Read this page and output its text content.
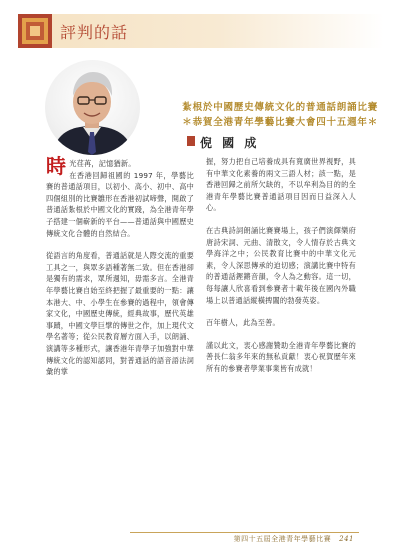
評判的話
紮根於中國歷史傳統文化的普通話朗誦比賽
＊恭賀全港青年學藝比賽大會四十五週年＊
倪 國 成

時 光荏苒，記憶猶新。
在香港回歸祖國的 1997 年，學藝比賽的普通話項目，以初小、高小、初中、高中四個組別的比賽雛形在香港初試啼聲，開啟了普通話紮根於中國文化的實踐，為全港青年學子搭建一個嶄新的平台——普通話與中國歷史傳統文化合體的自然結合。

從語言的角度看，普通話就是人際交流的重要工具之一，與眾多語種著無二致。但在香港卻是獨有的需求，眾所週知，毋需多言。全港青年學藝比賽自始至終把握了最重要的一點：讓本港大、中、小學生在參賽的過程中，領會傳家文化，中國歷史傳統，經典故事，歷代英雄事蹟，中國文學巨擘的傳世之作，加上現代文學名著等；從公民教育層方面入手，以朗誦、演講等多種形式，讓香港年青學子加強對中華傳統文化的認知認同，對普通話的語音語法詞彙的掌

握，努力把自己培養成具有寬廣世界視野，具有中華文化素養的兩文三語人材；該一點，是香港回歸之前所欠缺的，不以牟利為目的的全港青年學藝比賽普通話項目因而日益深入人心。

在古典詩詞朗誦比賽賽場上，孩子們演繹樂府唐詩宋詞、元曲、清散文，令人情存於古典文學海洋之中；公民教育比賽中的中華文化元素，令人深思傳承的迫切感；演講比賽中特有的普通話鏗鏘音韻，令人為之動容。這一切，每每讓人欣喜看到參賽者十載年後在國內外職場上以普通話縱橫捭闔的勃發英姿。

百年樹人，此為至善。

謹以此文，衷心感謝贊助全港青年學藝比賽的善長仁翁多年來的無私貢獻！衷心祝賀歷年來所有的參賽者學業事業皆有成就！

第四十五屆全港青年學藝比賽 241
